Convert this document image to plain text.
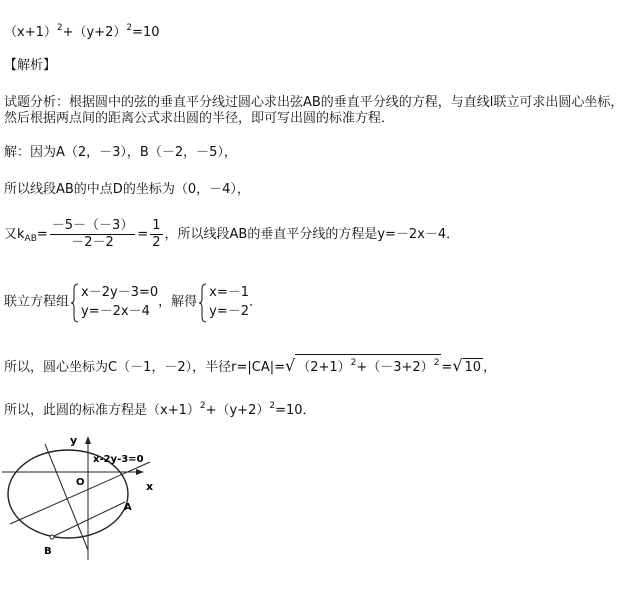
$(x+1)^2+(y+2)^2=10$
【解析】
试题分析：根据圆中的弦的垂直平分线过圆心求出弦AB的垂直平分线的方程，与直线l联立可求出圆心坐标，然后根据两点间的距离公式求出圆的半径，即可写出圆的标准方程．
解：因为A（2，－3），B（－2，－5），
所以线段AB的中点D的坐标为（0，－4），
又$k_{AB}= \frac{-5-(-3)}{-2-2} = \frac{1}{2}$ ，所以线段AB的垂直平分线的方程是y=－2x－4．
联立方程组
x－2y－3=0
y=－2x－4
，解得
x=－1
y=－2
．
所以，圆心坐标为C（－1，－2），半径r=|CA|=√ $(2+1)^2+(-3+2)^2$ =√ 10 ，
所以，此圆的标准方程是$(x+1)^2+(y+2)^2=10$．
y
x
O
x-2y-3=0
A
B
